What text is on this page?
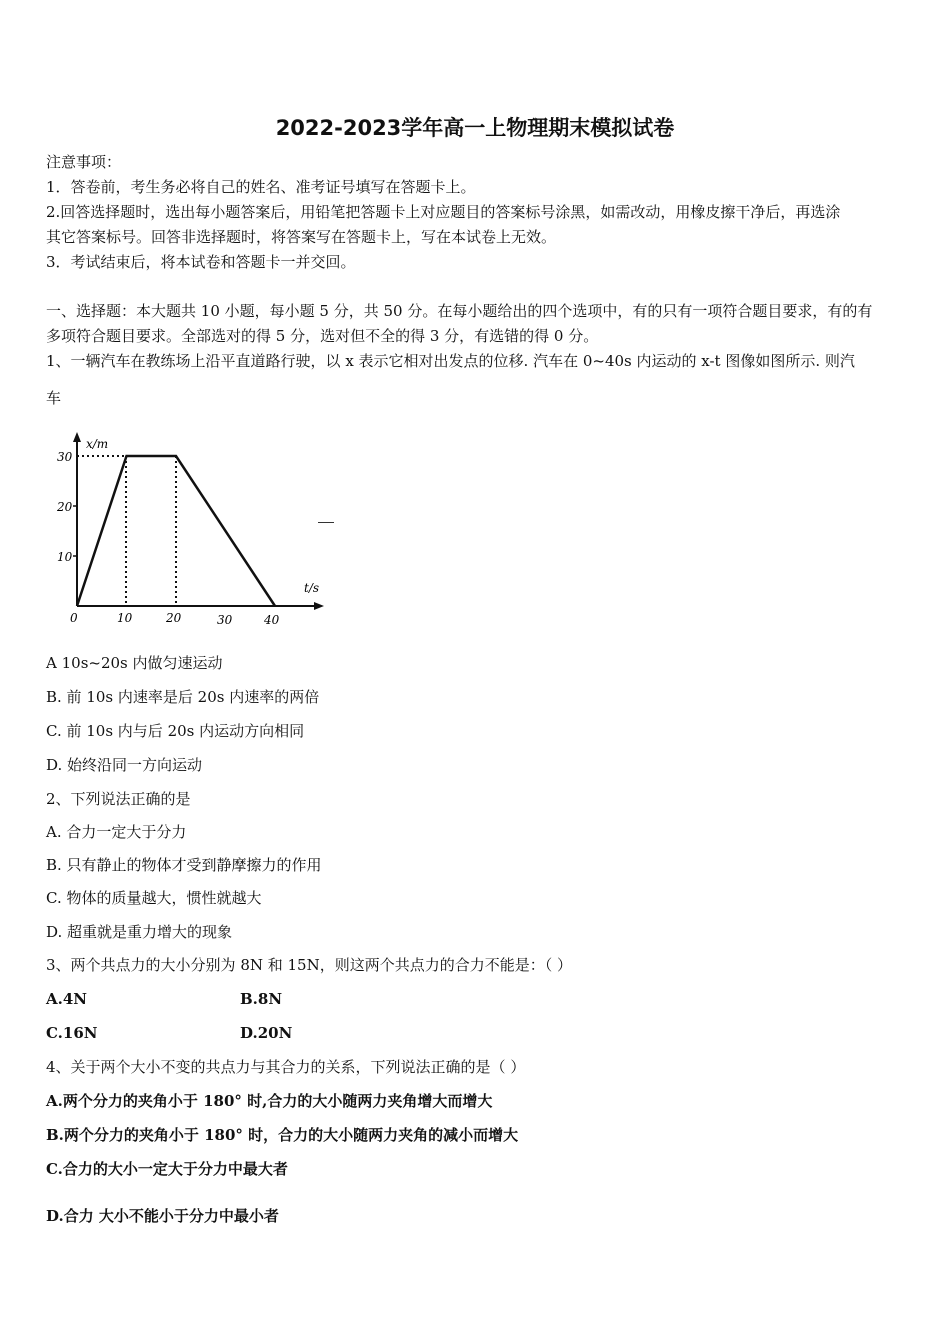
2022-2023学年高一上物理期末模拟试卷
注意事项：
1．答卷前，考生务必将自己的姓名、准考证号填写在答题卡上。
2.回答选择题时，选出每小题答案后，用铅笔把答题卡上对应题目的答案标号涂黑，如需改动，用橡皮擦干净后，再选涂
其它答案标号。回答非选择题时，将答案写在答题卡上，写在本试卷上无效。
3．考试结束后，将本试卷和答题卡一并交回。
一、选择题：本大题共 10 小题，每小题 5 分，共 50 分。在每小题给出的四个选项中，有的只有一项符合题目要求，有的有
多项符合题目要求。全部选对的得 5 分，选对但不全的得 3 分，有选错的得 0 分。
1、一辆汽车在教练场上沿平直道路行驶，以 x 表示它相对出发点的位移. 汽车在 0~40s 内运动的 x-t 图像如图所示. 则汽
车
x/m
t/s
10
20
30
0	10	20	30	40
A 10s~20s 内做匀速运动
B. 前 10s 内速率是后 20s 内速率的两倍
C. 前 10s 内与后 20s 内运动方向相同
D. 始终沿同一方向运动
2、下列说法正确的是
A. 合力一定大于分力
B. 只有静止的物体才受到静摩擦力的作用
C. 物体的质量越大，惯性就越大
D. 超重就是重力增大的现象
3、两个共点力的大小分别为 8N 和 15N，则这两个共点力的合力不能是：（ ）
A.4N	B.8N
C.16N	D.20N
4、关于两个大小不变的共点力与其合力的关系，下列说法正确的是（ ）
A.两个分力的夹角小于 180° 时,合力的大小随两力夹角增大而增大
B.两个分力的夹角小于 180° 时，合力的大小随两力夹角的减小而增大
C.合力的大小一定大于分力中最大者
D.合力 大小不能小于分力中最小者
